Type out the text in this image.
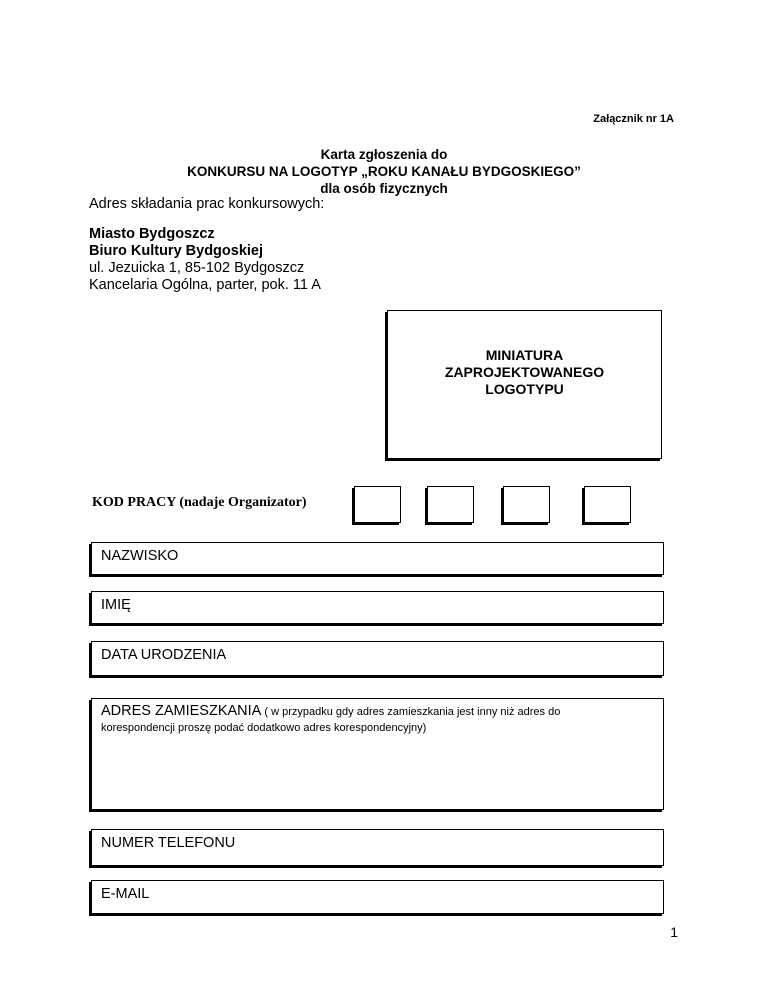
Załącznik nr 1A
Karta zgłoszenia do
KONKURSU NA LOGOTYP „ROKU KANAŁU BYDGOSKIEGO”
dla osób fizycznych
Adres składania prac konkursowych:
Miasto Bydgoszcz
Biuro Kultury Bydgoskiej
ul. Jezuicka 1, 85-102 Bydgoszcz
Kancelaria Ogólna, parter, pok. 11 A
MINIATURA
ZAPROJEKTOWANEGO
LOGOTYPU
KOD PRACY (nadaje Organizator)
NAZWISKO
IMIĘ
DATA URODZENIA
ADRES ZAMIESZKANIA ( w przypadku gdy adres zamieszkania jest inny niż adres do
korespondencji proszę podać dodatkowo adres korespondencyjny)
NUMER TELEFONU
E-MAIL
1
